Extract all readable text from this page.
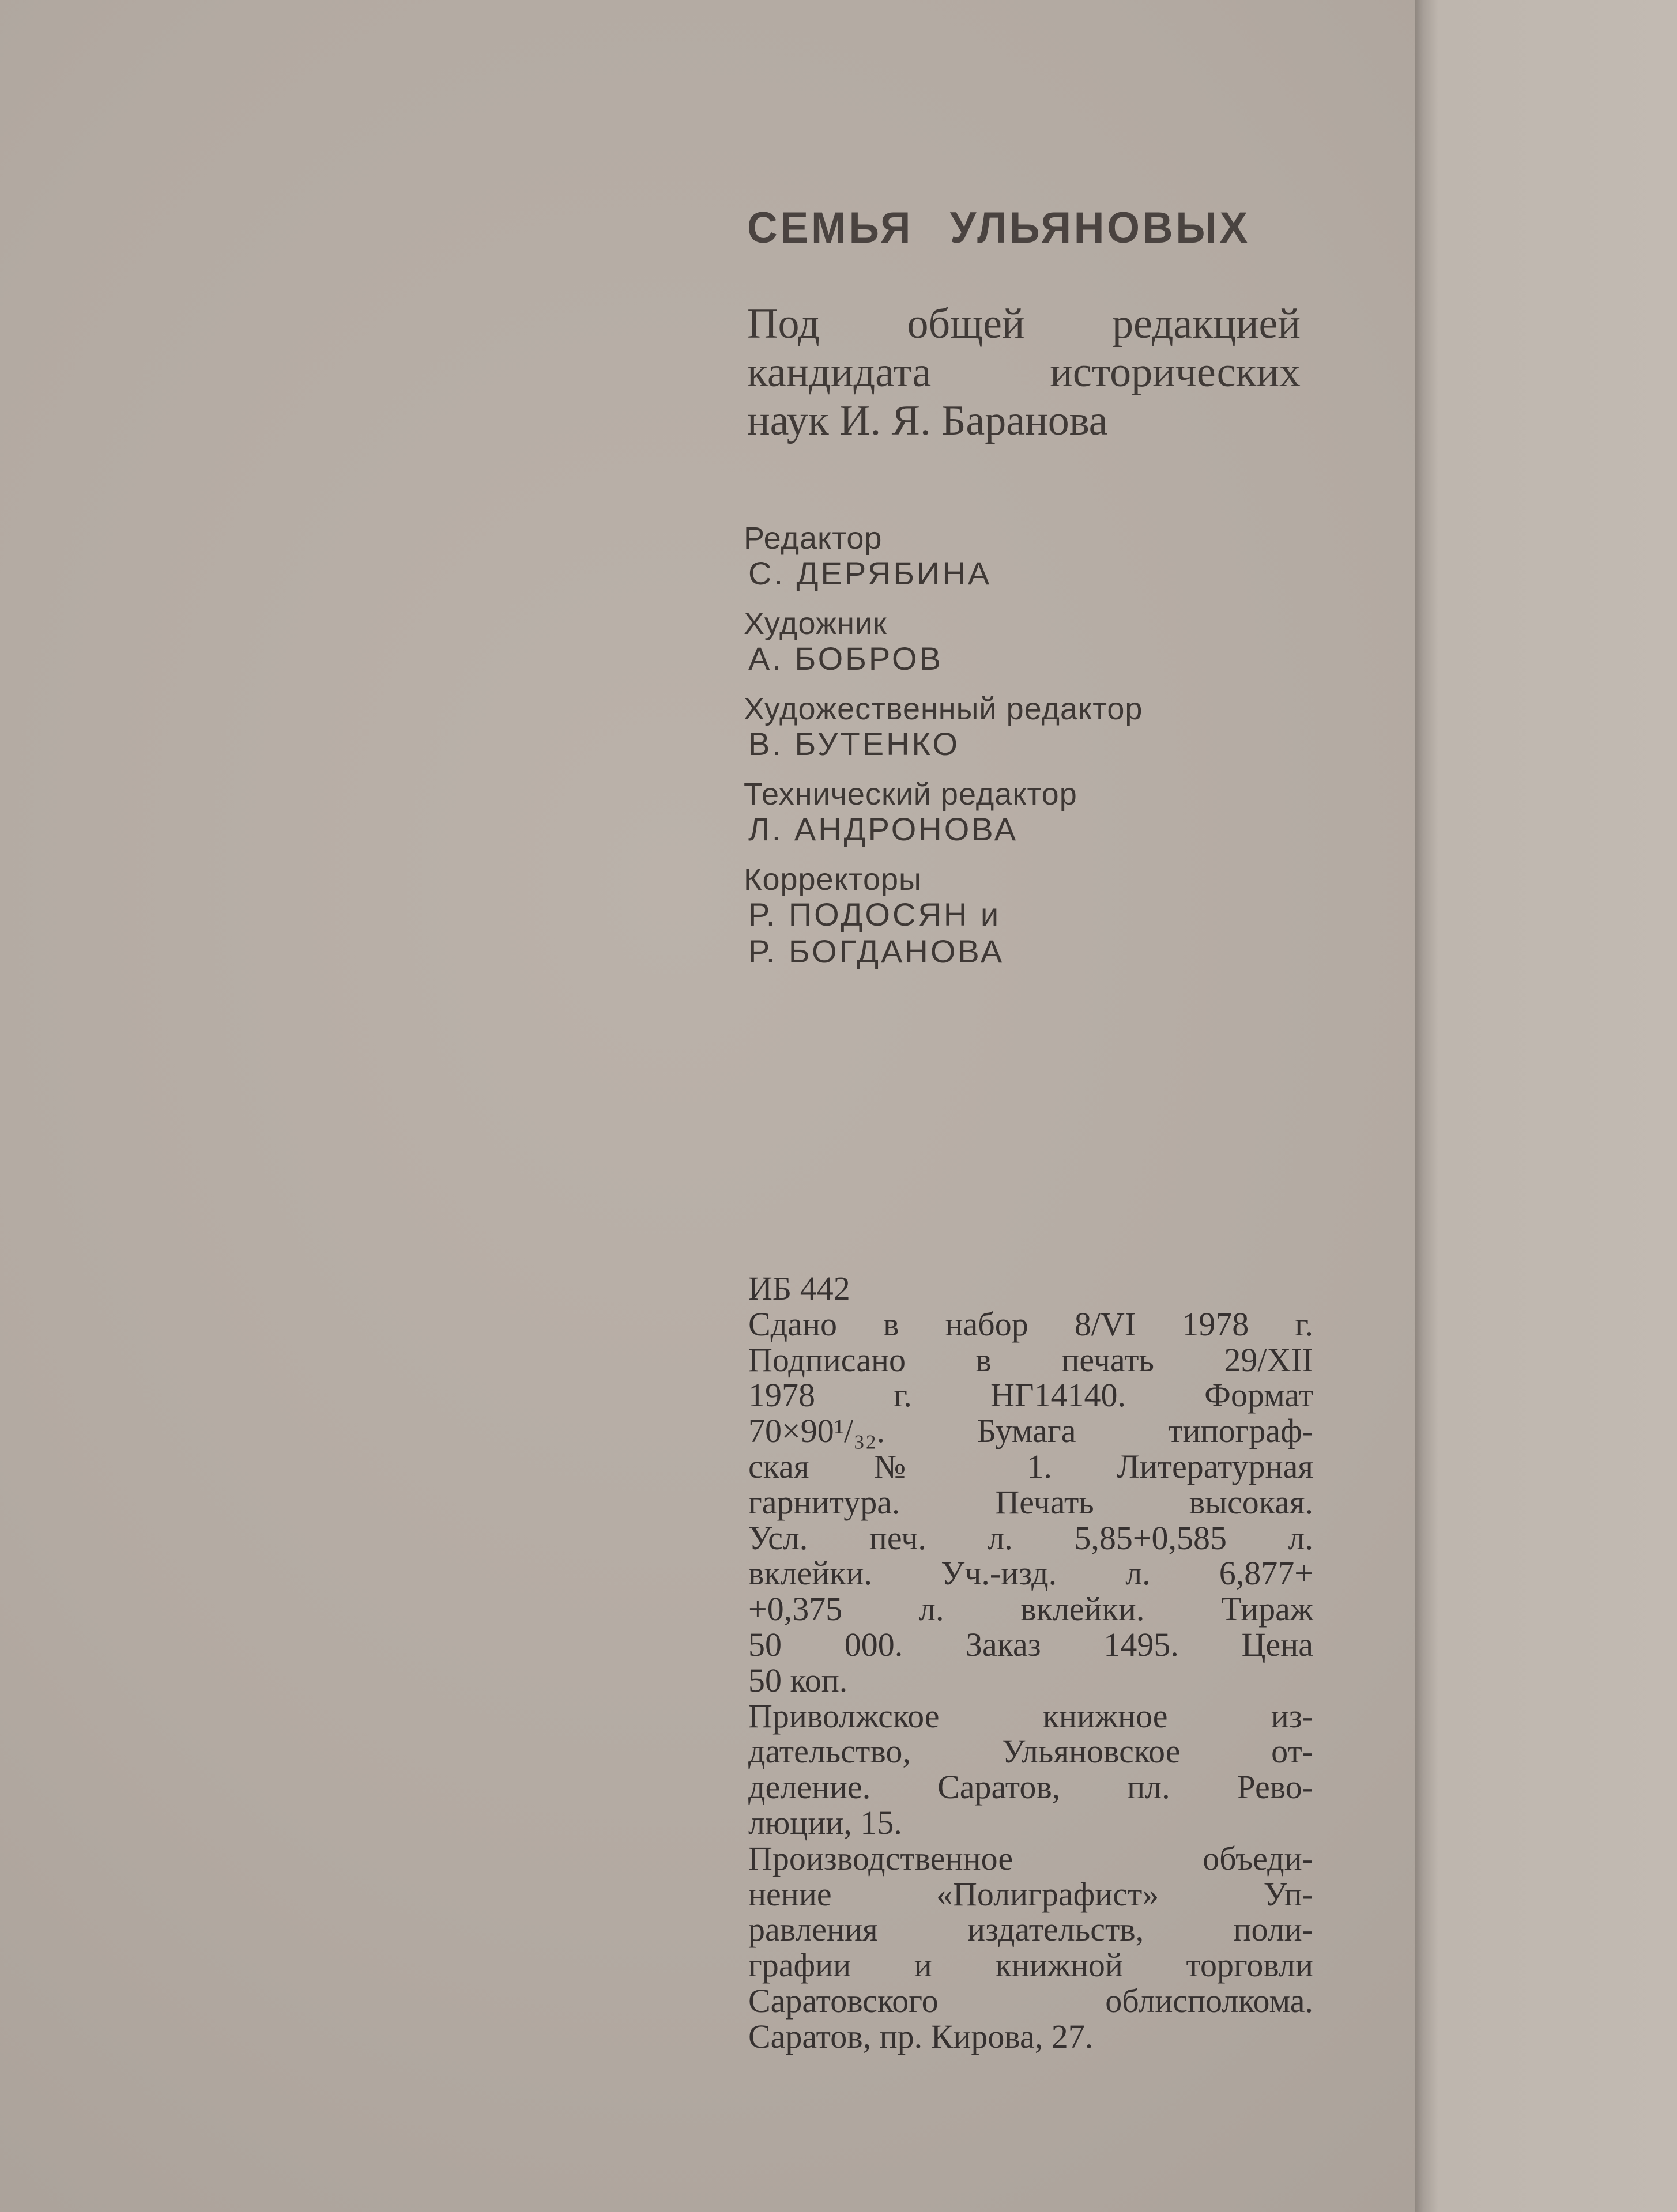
СЕМЬЯ УЛЬЯНОВЫХ
Под общей редакцией
кандидата исторических
наук И. Я. Баранова
Редактор
С. ДЕРЯБИНА
Художник
А. БОБРОВ
Художественный редактор
В. БУТЕНКО
Технический редактор
Л. АНДРОНОВА
Корректоры
Р. ПОДОСЯН и
Р. БОГДАНОВА
ИБ 442
Сдано в набор 8/VI 1978 г.
Подписано в печать 29/XII
1978 г. НГ14140. Формат
70×90¹/₃₂. Бумага типограф-
ская № 1. Литературная
гарнитура. Печать высокая.
Усл. печ. л. 5,85+0,585 л.
вклейки. Уч.-изд. л. 6,877+
+0,375 л. вклейки. Тираж
50 000. Заказ 1495. Цена
50 коп.
Приволжское книжное из-
дательство, Ульяновское от-
деление. Саратов, пл. Рево-
люции, 15.
Производственное объеди-
нение «Полиграфист» Уп-
равления издательств, поли-
графии и книжной торговли
Саратовского облисполкома.
Саратов, пр. Кирова, 27.
